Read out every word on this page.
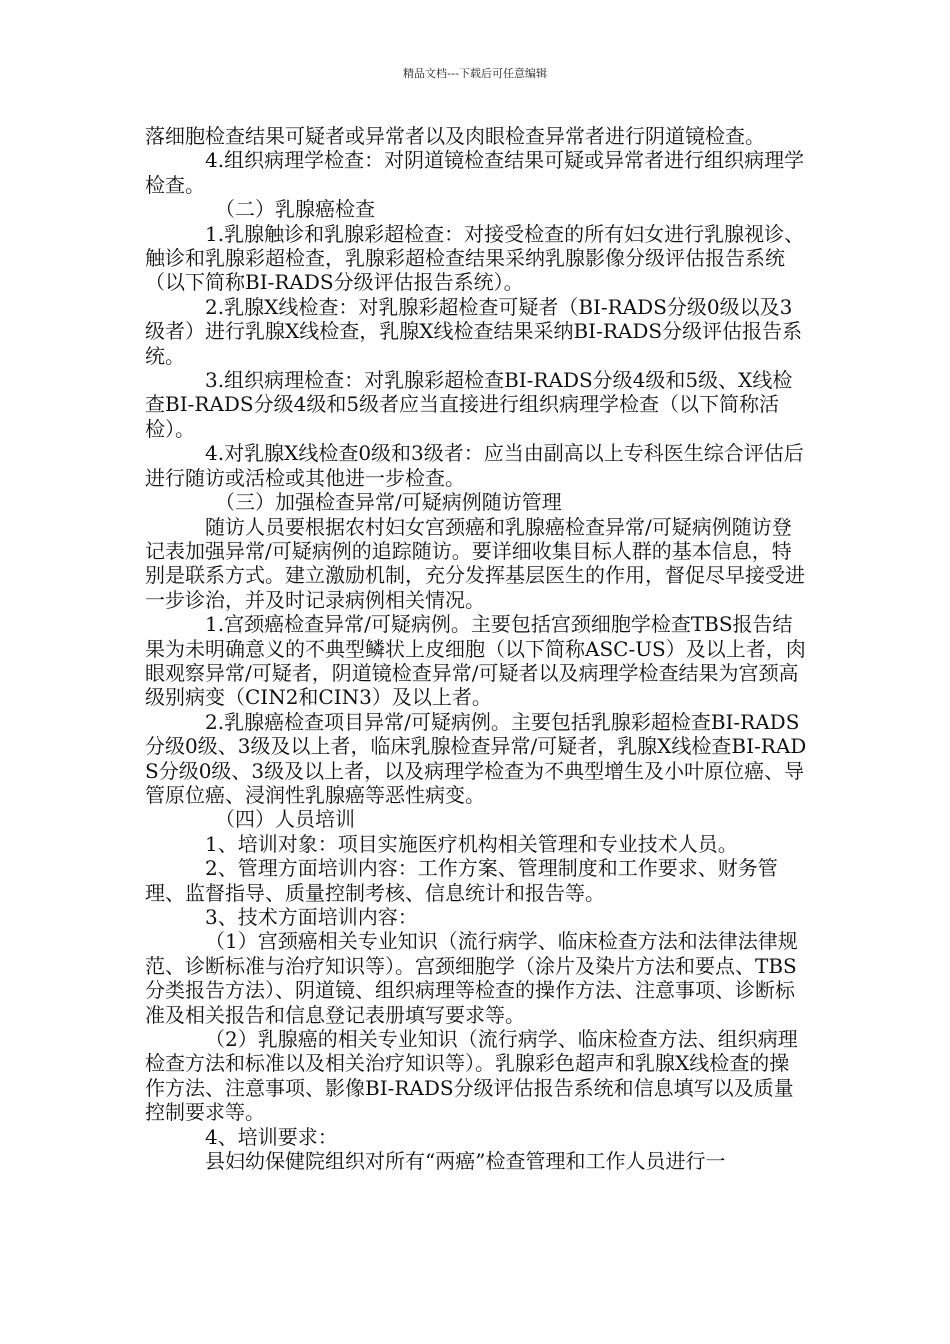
精品文档---下载后可任意编辑

落细胞检查结果可疑者或异常者以及肉眼检查异常者进行阴道镜检查。

4.组织病理学检查：对阴道镜检查结果可疑或异常者进行组织病理学检查。

（二）乳腺癌检查

1.乳腺触诊和乳腺彩超检查：对接受检查的所有妇女进行乳腺视诊、触诊和乳腺彩超检查，乳腺彩超检查结果采纳乳腺影像分级评估报告系统（以下简称BI-RADS分级评估报告系统）。

2.乳腺X线检查：对乳腺彩超检查可疑者（BI-RADS分级0级以及3级者）进行乳腺X线检查，乳腺X线检查结果采纳BI-RADS分级评估报告系统。

3.组织病理检查：对乳腺彩超检查BI-RADS分级4级和5级、X线检查BI-RADS分级4级和5级者应当直接进行组织病理学检查（以下简称活检）。

4.对乳腺X线检查0级和3级者：应当由副高以上专科医生综合评估后进行随访或活检或其他进一步检查。

（三）加强检查异常/可疑病例随访管理

随访人员要根据农村妇女宫颈癌和乳腺癌检查异常/可疑病例随访登记表加强异常/可疑病例的追踪随访。要详细收集目标人群的基本信息，特别是联系方式。建立激励机制，充分发挥基层医生的作用，督促尽早接受进一步诊治，并及时记录病例相关情况。

1.宫颈癌检查异常/可疑病例。主要包括宫颈细胞学检查TBS报告结果为未明确意义的不典型鳞状上皮细胞（以下简称ASC-US）及以上者，肉眼观察异常/可疑者，阴道镜检查异常/可疑者以及病理学检查结果为宫颈高级别病变（CIN2和CIN3）及以上者。

2.乳腺癌检查项目异常/可疑病例。主要包括乳腺彩超检查BI-RADS分级0级、3级及以上者，临床乳腺检查异常/可疑者，乳腺X线检查BI-RADS分级0级、3级及以上者，以及病理学检查为不典型增生及小叶原位癌、导管原位癌、浸润性乳腺癌等恶性病变。

（四）人员培训

1、培训对象：项目实施医疗机构相关管理和专业技术人员。

2、管理方面培训内容：工作方案、管理制度和工作要求、财务管理、监督指导、质量控制考核、信息统计和报告等。

3、技术方面培训内容：

（1）宫颈癌相关专业知识（流行病学、临床检查方法和法律法律规范、诊断标准与治疗知识等）。宫颈细胞学（涂片及染片方法和要点、TBS分类报告方法）、阴道镜、组织病理等检查的操作方法、注意事项、诊断标准及相关报告和信息登记表册填写要求等。

（2）乳腺癌的相关专业知识（流行病学、临床检查方法、组织病理检查方法和标准以及相关治疗知识等）。乳腺彩色超声和乳腺X线检查的操作方法、注意事项、影像BI-RADS分级评估报告系统和信息填写以及质量控制要求等。

4、培训要求：

县妇幼保健院组织对所有“两癌”检查管理和工作人员进行一
